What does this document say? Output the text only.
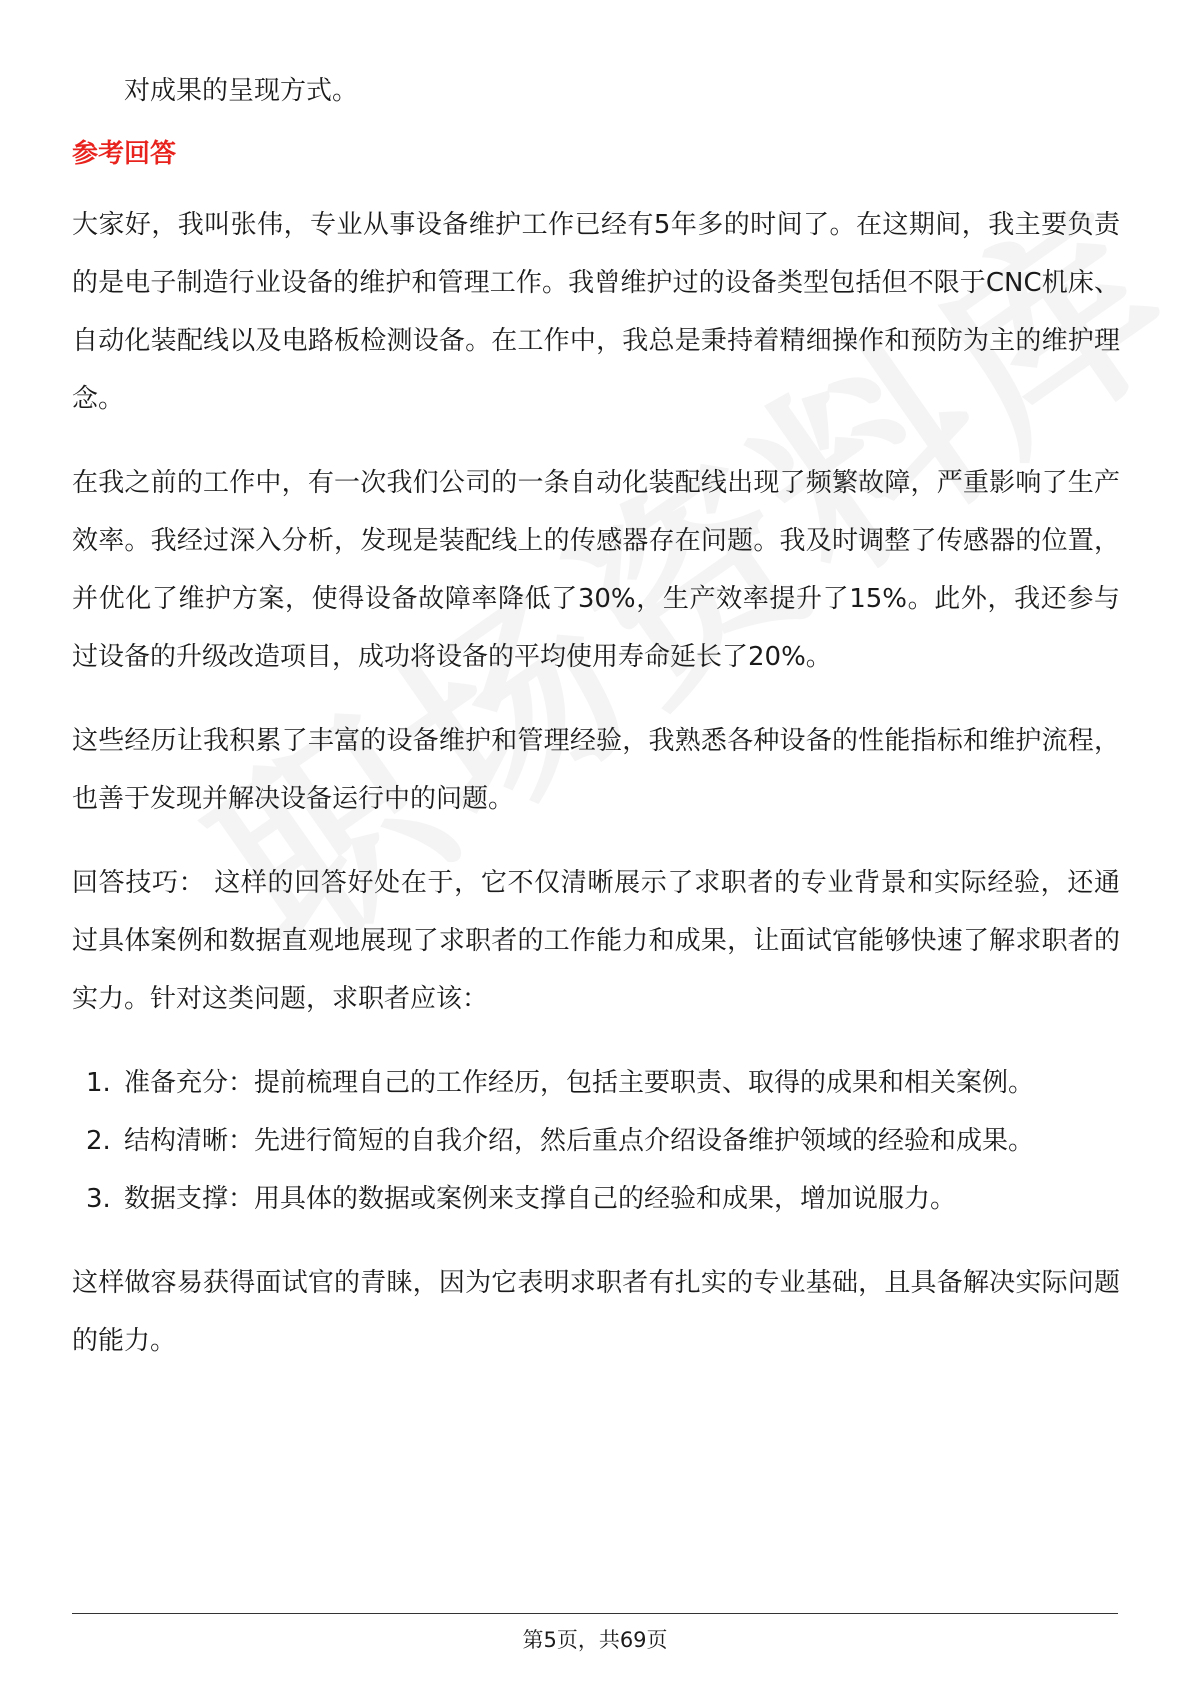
对成果的呈现方式。

参考回答

大家好，我叫张伟，专业从事设备维护工作已经有5年多的时间了。在这期间，我主要负责的是电子制造行业设备的维护和管理工作。我曾维护过的设备类型包括但不限于CNC机床、自动化装配线以及电路板检测设备。在工作中，我总是秉持着精细操作和预防为主的维护理念。

在我之前的工作中，有一次我们公司的一条自动化装配线出现了频繁故障，严重影响了生产效率。我经过深入分析，发现是装配线上的传感器存在问题。我及时调整了传感器的位置，并优化了维护方案，使得设备故障率降低了30%，生产效率提升了15%。此外，我还参与过设备的升级改造项目，成功将设备的平均使用寿命延长了20%。

这些经历让我积累了丰富的设备维护和管理经验，我熟悉各种设备的性能指标和维护流程，也善于发现并解决设备运行中的问题。

回答技巧： 这样的回答好处在于，它不仅清晰展示了求职者的专业背景和实际经验，还通过具体案例和数据直观地展现了求职者的工作能力和成果，让面试官能够快速了解求职者的实力。针对这类问题，求职者应该：

1. 准备充分：提前梳理自己的工作经历，包括主要职责、取得的成果和相关案例。
2. 结构清晰：先进行简短的自我介绍，然后重点介绍设备维护领域的经验和成果。
3. 数据支撑：用具体的数据或案例来支撑自己的经验和成果，增加说服力。

这样做容易获得面试官的青睐，因为它表明求职者有扎实的专业基础，且具备解决实际问题的能力。

第5页，共69页
